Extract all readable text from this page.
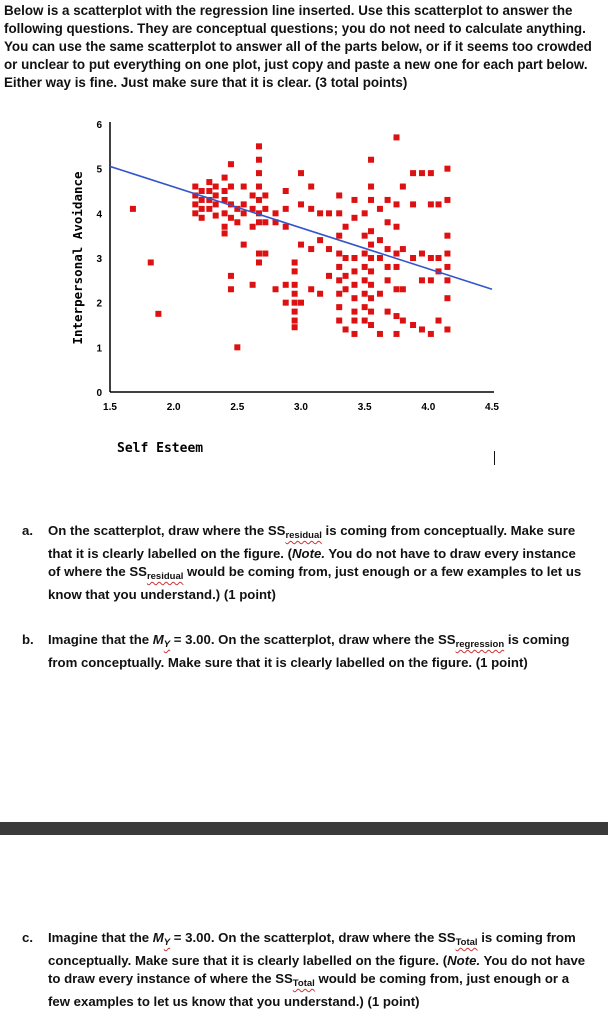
Below is a scatterplot with the regression line inserted. Use this scatterplot to answer the following questions. They are conceptual questions; you do not need to calculate anything. You can use the same scatterplot to answer all of the parts below, or if it seems too crowded or unclear to put everything on one plot, just copy and paste a new one for each part below. Either way is fine. Just make sure that it is clear. (3 total points)
0
1
2
3
4
5
6
1.5	2.0	2.5	3.0	3.5	4.0	4.5
Interpersonal Avoidance
Self Esteem
a. On the scatterplot, draw where the $SS_{residual}$ is coming from conceptually. Make sure that it is clearly labelled on the figure. (Note. You do not have to draw every instance of where the $SS_{residual}$ would be coming from, just enough or a few examples to let us know that you understand.) (1 point)
b. Imagine that the $M_Y = 3.00$. On the scatterplot, draw where the $SS_{regression}$ is coming from conceptually. Make sure that it is clearly labelled on the figure. (1 point)
c. Imagine that the $M_Y = 3.00$. On the scatterplot, draw where the $SS_{Total}$ is coming from conceptually. Make sure that it is clearly labelled on the figure. (Note. You do not have to draw every instance of where the $SS_{Total}$ would be coming from, just enough or a few examples to let us know that you understand.) (1 point)
